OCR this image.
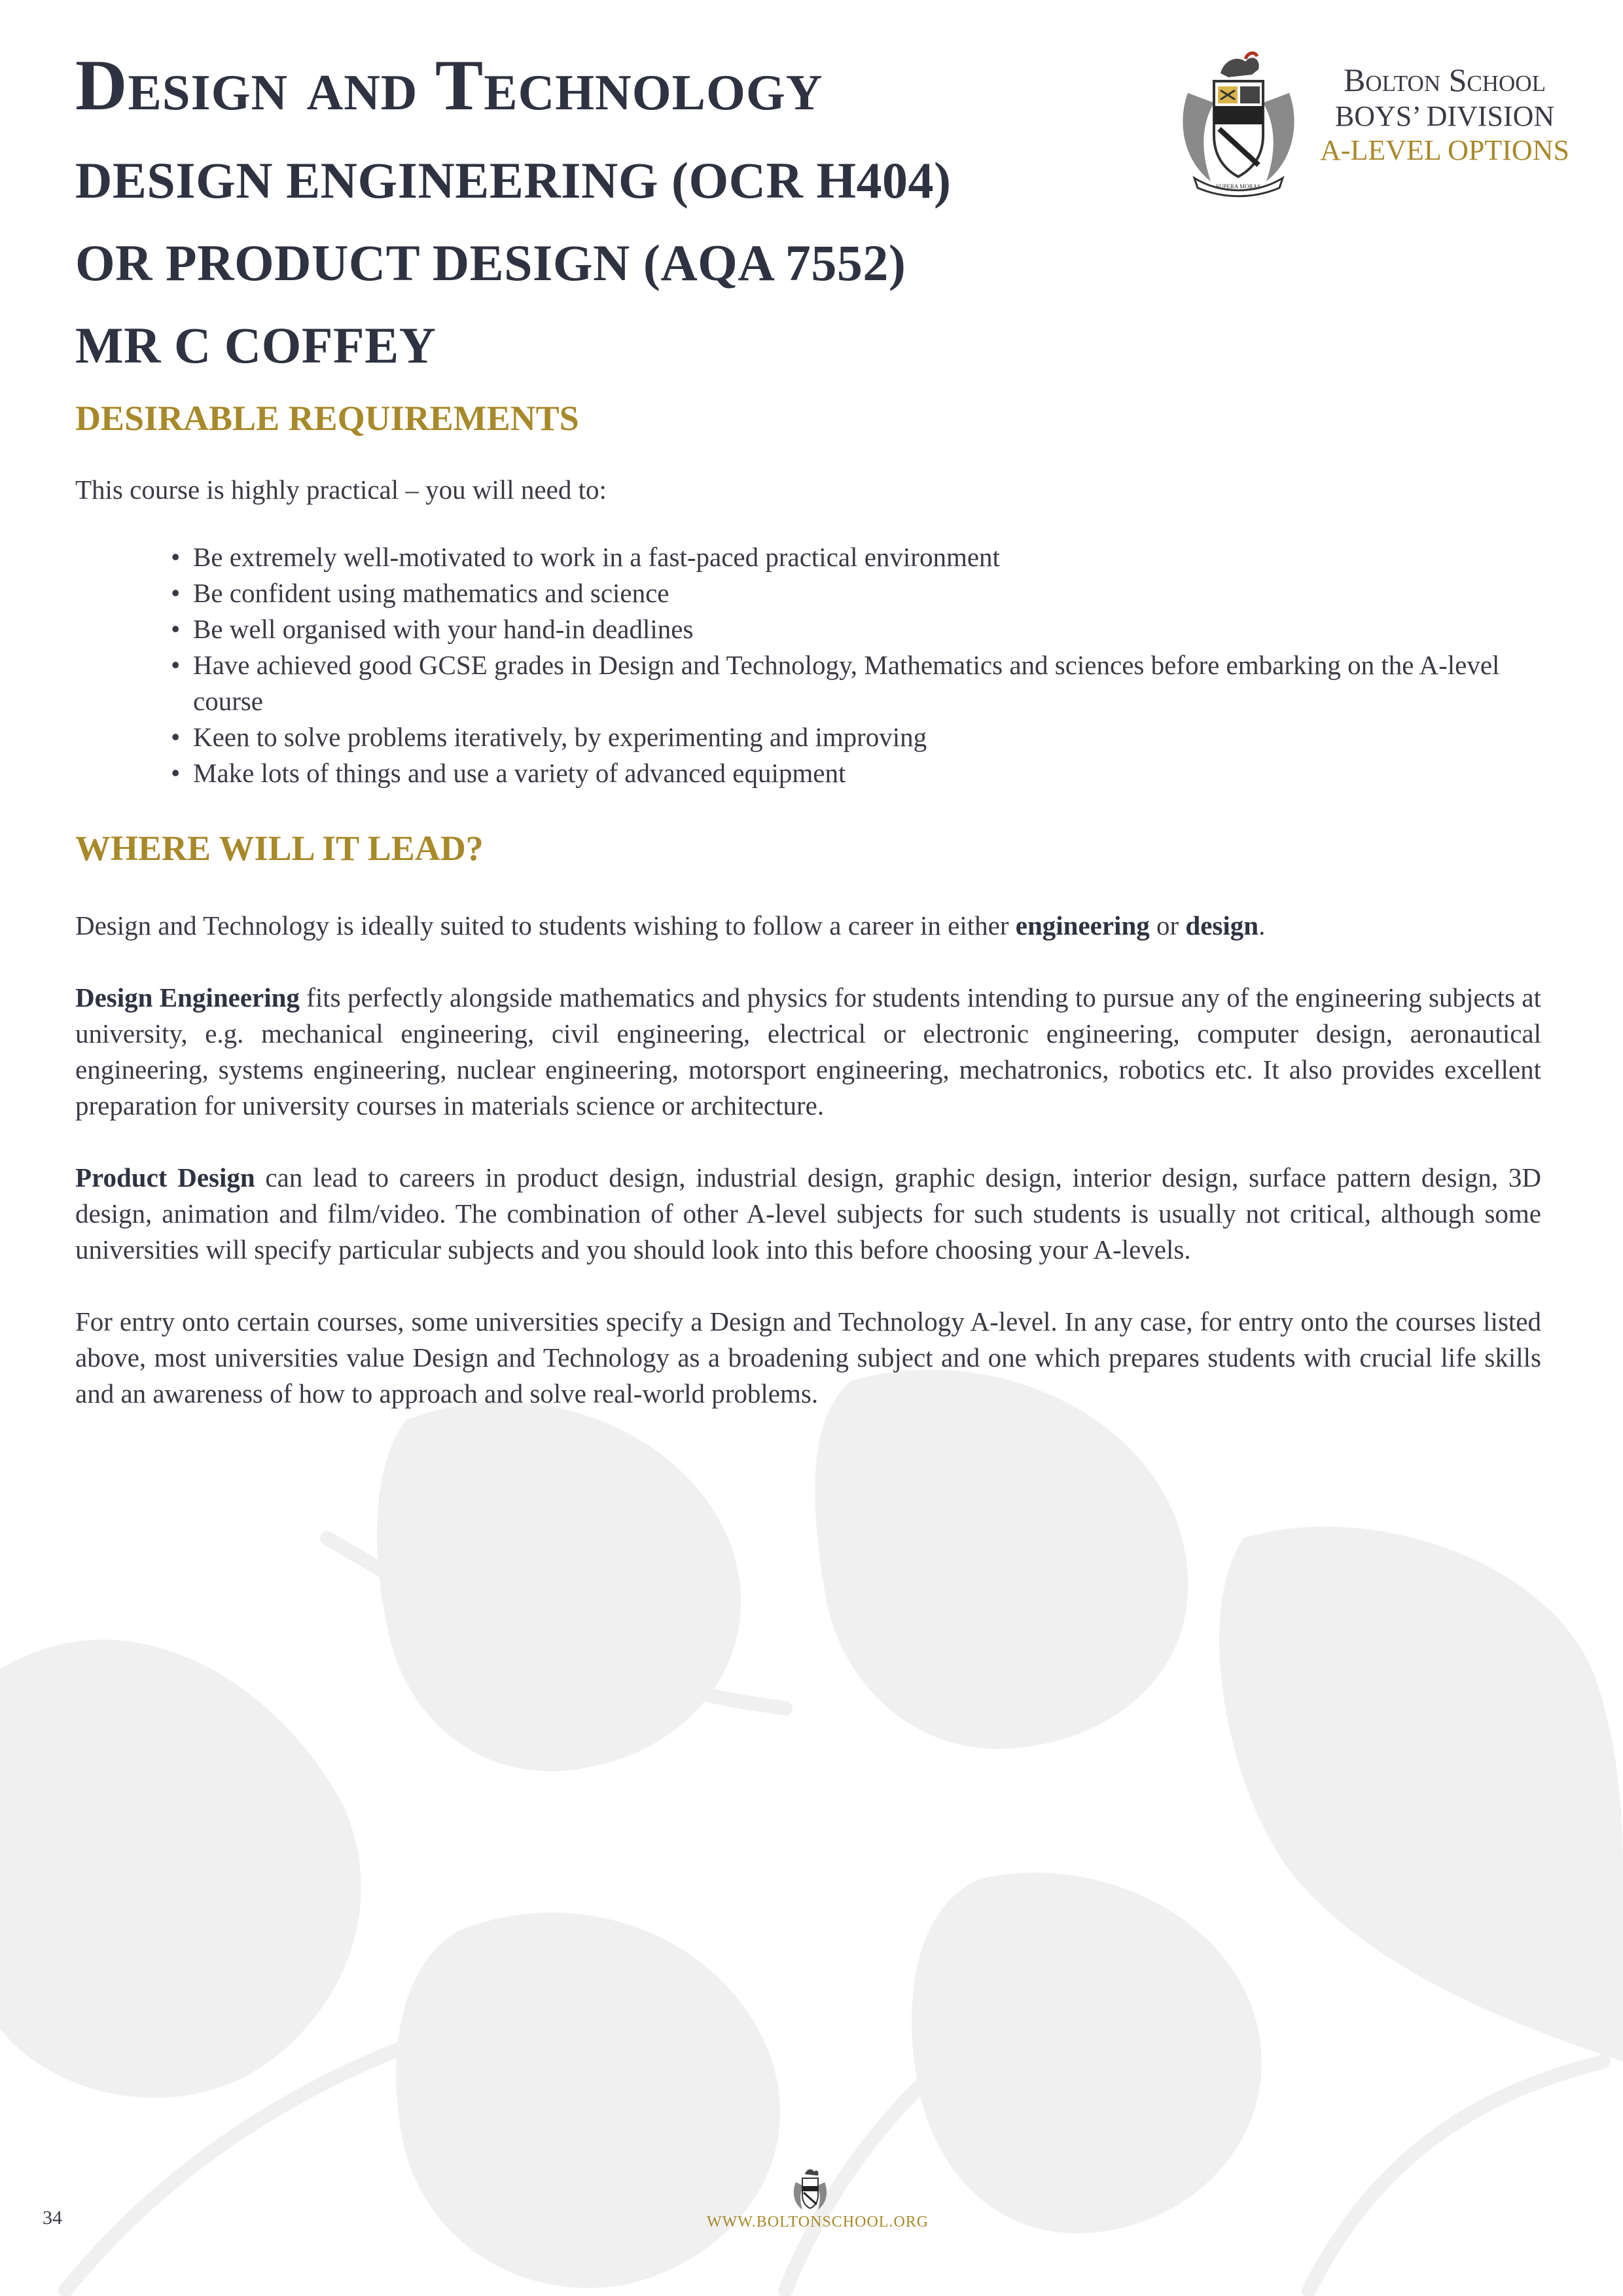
Design and Technology
DESIGN ENGINEERING (OCR H404)
OR PRODUCT DESIGN (AQA 7552)
MR C COFFEY
SUPERA MORAS
Bolton School
BOYS’ DIVISION
A-LEVEL OPTIONS
DESIRABLE REQUIREMENTS

This course is highly practical – you will need to:

• Be extremely well-motivated to work in a fast-paced practical environment
• Be confident using mathematics and science
• Be well organised with your hand-in deadlines
• Have achieved good GCSE grades in Design and Technology, Mathematics and sciences before embarking on the A-level course
• Keen to solve problems iteratively, by experimenting and improving
• Make lots of things and use a variety of advanced equipment
WHERE WILL IT LEAD?

Design and Technology is ideally suited to students wishing to follow a career in either engineering or design.

Design Engineering fits perfectly alongside mathematics and physics for students intending to pursue any of the engineering subjects at university, e.g. mechanical engineering, civil engineering, electrical or electronic engineering, computer design, aeronautical engineering, systems engineering, nuclear engineering, motorsport engineering, mechatronics, robotics etc. It also provides excellent preparation for university courses in materials science or architecture.

Product Design can lead to careers in product design, industrial design, graphic design, interior design, surface pattern design, 3D design, animation and film/video. The combination of other A-level subjects for such students is usually not critical, although some universities will specify particular subjects and you should look into this before choosing your A-levels.

For entry onto certain courses, some universities specify a Design and Technology A-level. In any case, for entry onto the courses listed above, most universities value Design and Technology as a broadening subject and one which prepares students with crucial life skills and an awareness of how to approach and solve real-world problems.

34	WWW.BOLTONSCHOOL.ORG
